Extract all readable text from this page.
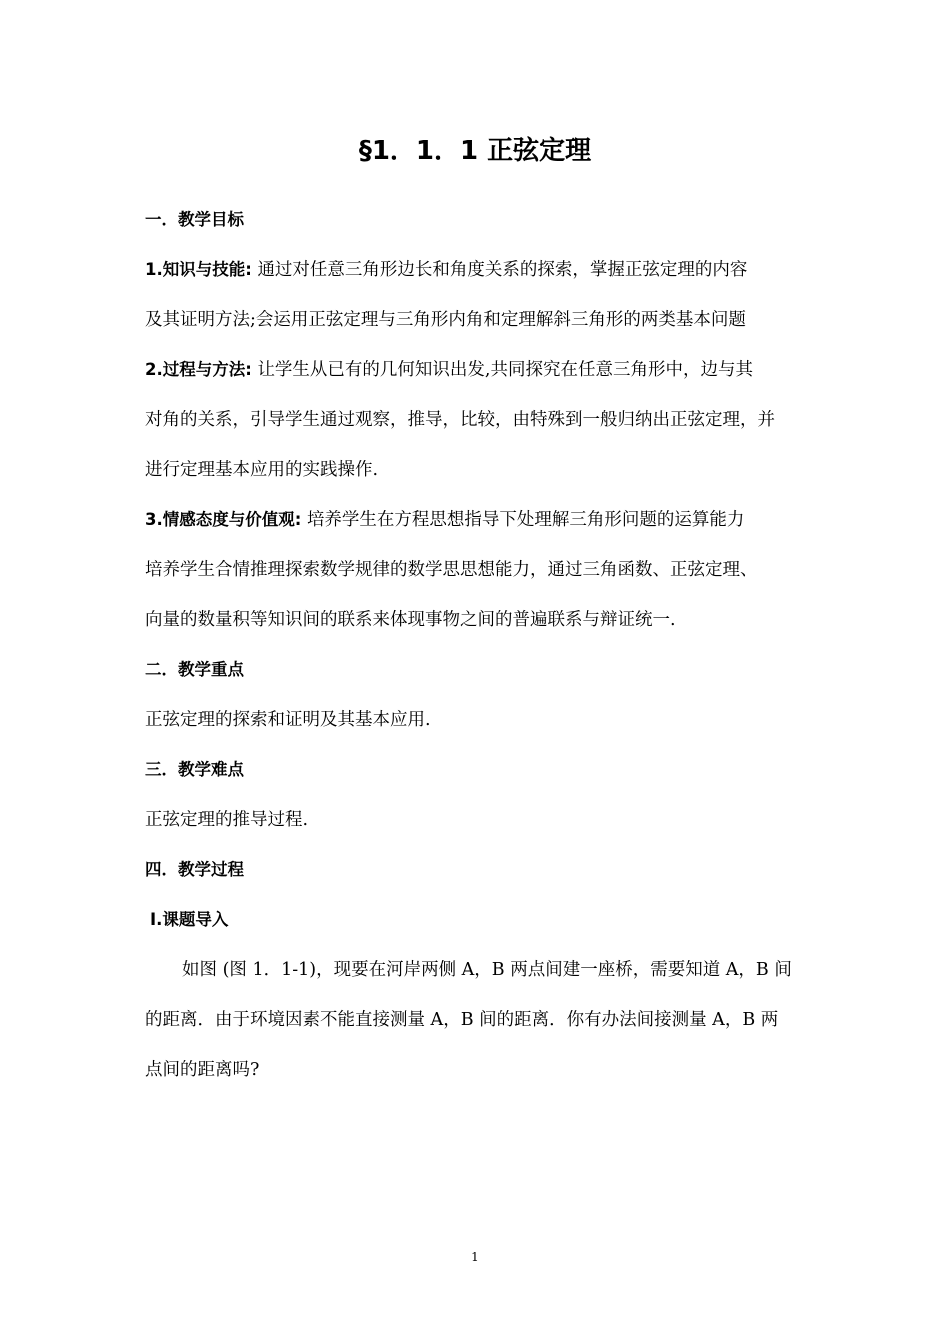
§1．1．1 正弦定理
一．教学目标
1.知识与技能: 通过对任意三角形边长和角度关系的探索，掌握正弦定理的内容
及其证明方法;会运用正弦定理与三角形内角和定理解斜三角形的两类基本问题
2.过程与方法: 让学生从已有的几何知识出发,共同探究在任意三角形中，边与其
对角的关系，引导学生通过观察，推导，比较，由特殊到一般归纳出正弦定理，并
进行定理基本应用的实践操作.
3.情感态度与价值观: 培养学生在方程思想指导下处理解三角形问题的运算能力
培养学生合情推理探索数学规律的数学思思想能力，通过三角函数、正弦定理、
向量的数量积等知识间的联系来体现事物之间的普遍联系与辩证统一.
二．教学重点
正弦定理的探索和证明及其基本应用.
三．教学难点
正弦定理的推导过程.
四．教学过程
Ⅰ.课题导入
如图 (图 1．1-1)，现要在河岸两侧 A，B 两点间建一座桥，需要知道 A，B 间
的距离．由于环境因素不能直接测量 A，B 间的距离．你有办法间接测量 A，B 两
点间的距离吗?
1
